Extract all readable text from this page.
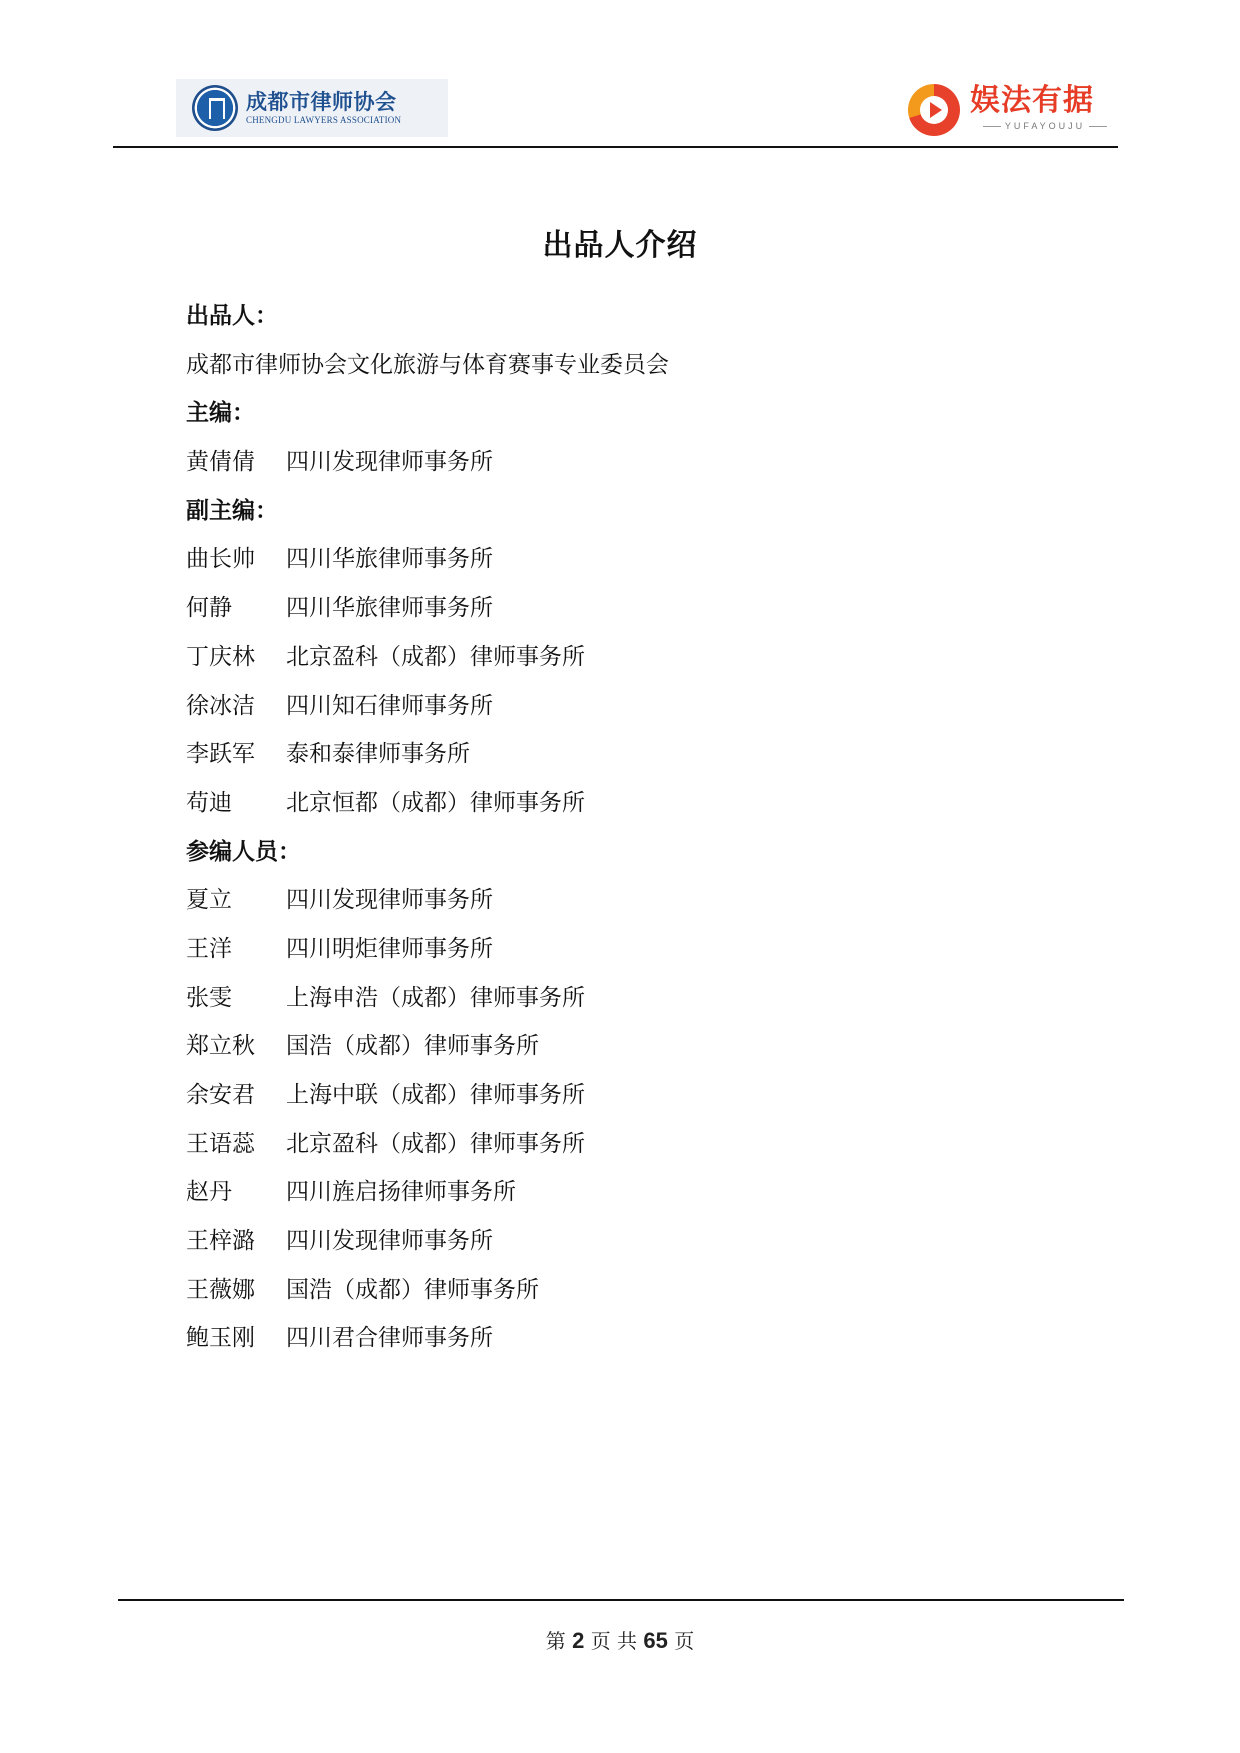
成都市律师协会
CHENGDU LAWYERS ASSOCIATION
娱法有据
YUFAYOUJU
出品人介绍
出品人：
成都市律师协会文化旅游与体育赛事专业委员会
主编：
黄倩倩 四川发现律师事务所
副主编：
曲长帅 四川华旅律师事务所
何静 四川华旅律师事务所
丁庆林 北京盈科（成都）律师事务所
徐冰洁 四川知石律师事务所
李跃军 泰和泰律师事务所
苟迪 北京恒都（成都）律师事务所
参编人员：
夏立 四川发现律师事务所
王洋 四川明炬律师事务所
张雯 上海申浩（成都）律师事务所
郑立秋 国浩（成都）律师事务所
余安君 上海中联（成都）律师事务所
王语蕊 北京盈科（成都）律师事务所
赵丹 四川旌启扬律师事务所
王梓潞 四川发现律师事务所
王薇娜 国浩（成都）律师事务所
鲍玉刚 四川君合律师事务所
第 2 页 共 65 页
